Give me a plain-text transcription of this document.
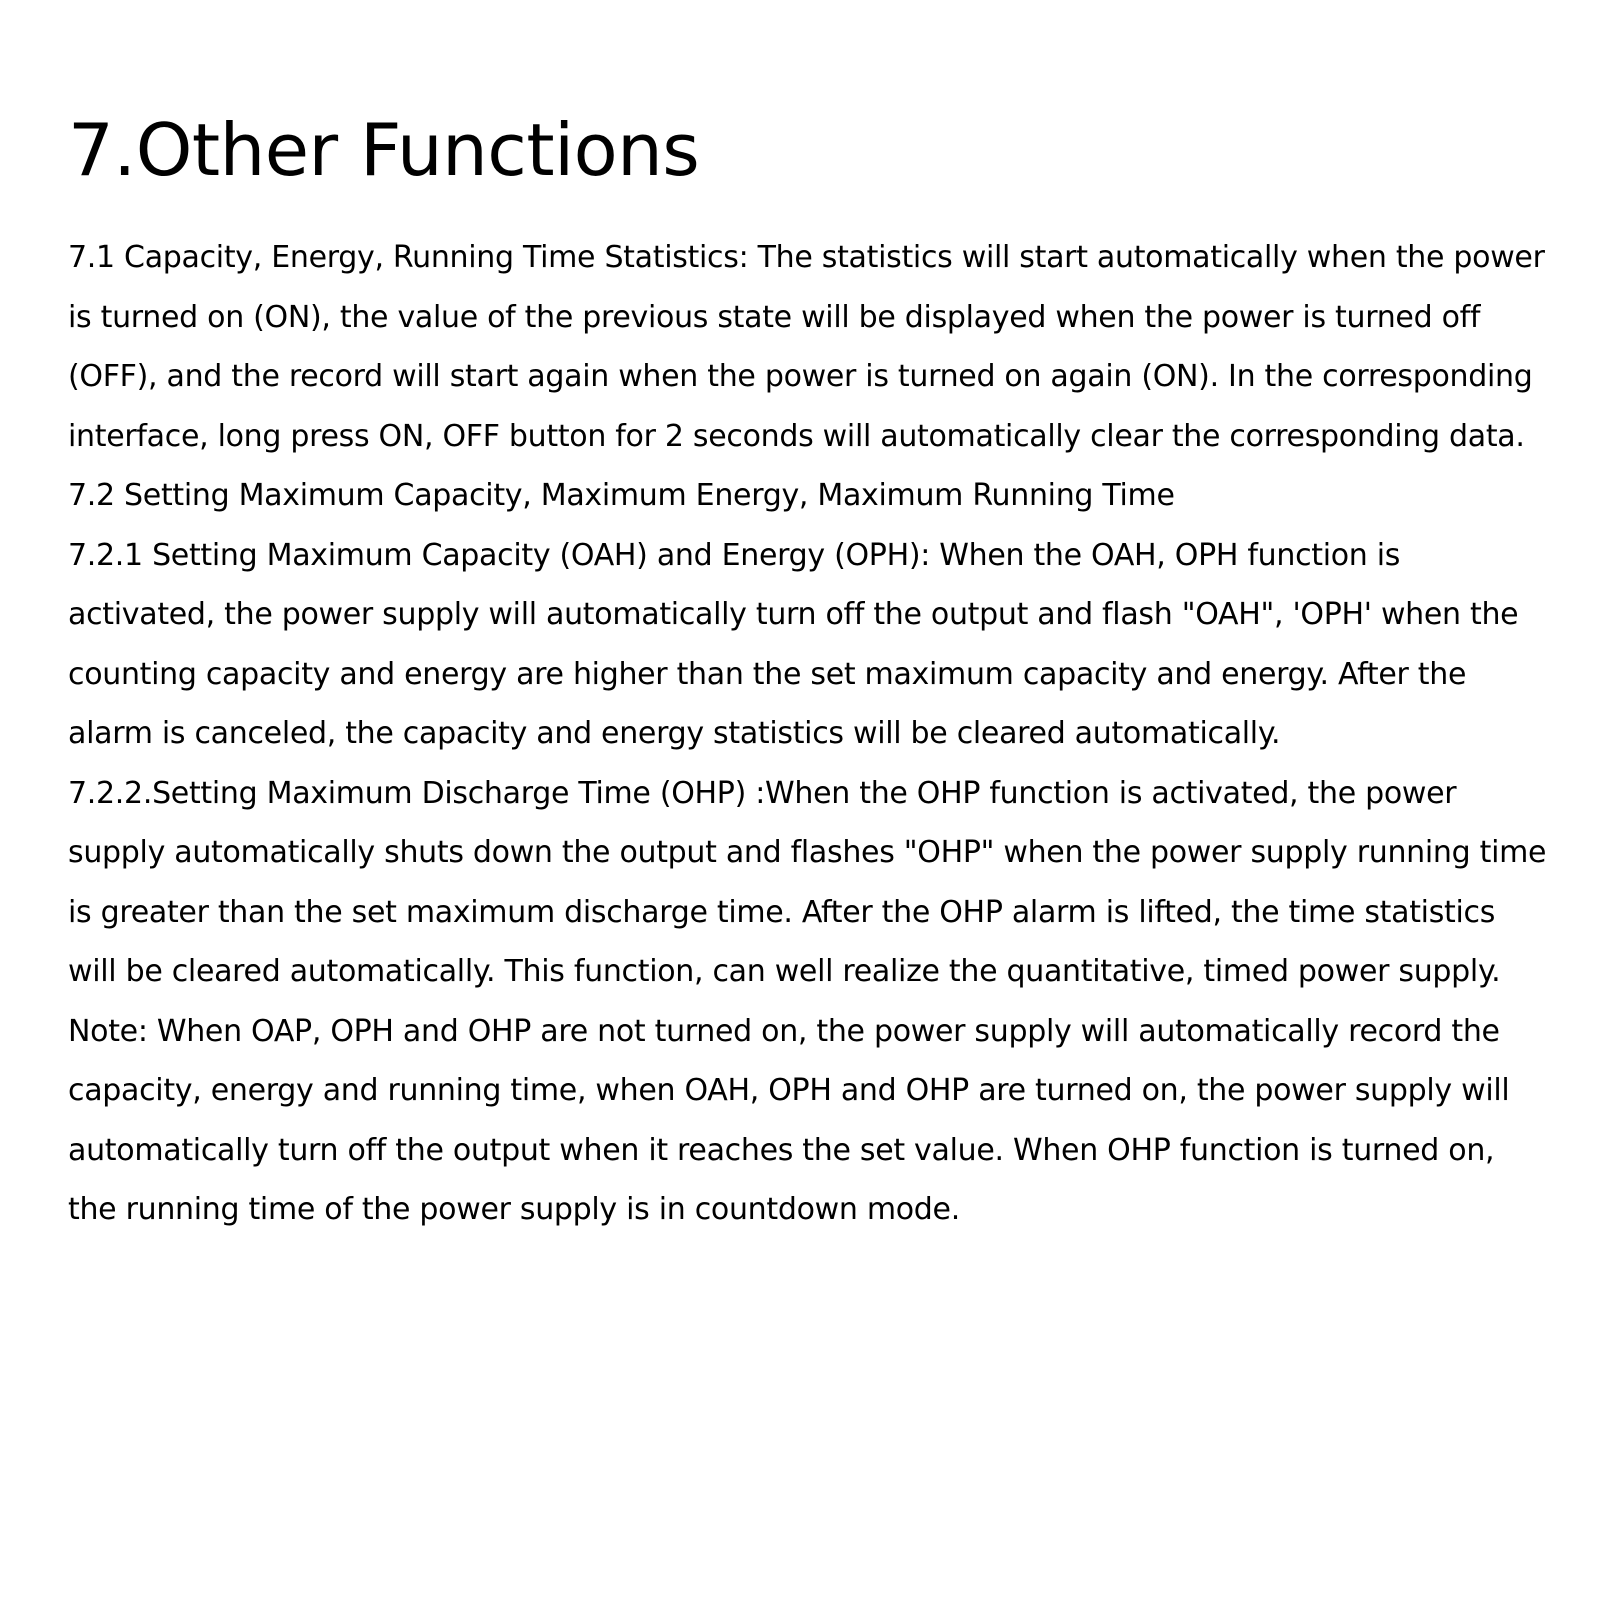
7.Other Functions

7.1 Capacity, Energy, Running Time Statistics: The statistics will start automatically when the power is turned on (ON), the value of the previous state will be displayed when the power is turned off (OFF), and the record will start again when the power is turned on again (ON). In the corresponding interface, long press ON, OFF button for 2 seconds will automatically clear the corresponding data.

7.2 Setting Maximum Capacity, Maximum Energy, Maximum Running Time

7.2.1 Setting Maximum Capacity (OAH) and Energy (OPH): When the OAH, OPH function is activated, the power supply will automatically turn off the output and flash "OAH", 'OPH' when the counting capacity and energy are higher than the set maximum capacity and energy. After the alarm is canceled, the capacity and energy statistics will be cleared automatically.

7.2.2.Setting Maximum Discharge Time (OHP) :When the OHP function is activated, the power supply automatically shuts down the output and flashes "OHP" when the power supply running time is greater than the set maximum discharge time. After the OHP alarm is lifted, the time statistics will be cleared automatically. This function, can well realize the quantitative, timed power supply.

Note: When OAP, OPH and OHP are not turned on, the power supply will automatically record the capacity, energy and running time, when OAH, OPH and OHP are turned on, the power supply will automatically turn off the output when it reaches the set value. When OHP function is turned on, the running time of the power supply is in countdown mode.
